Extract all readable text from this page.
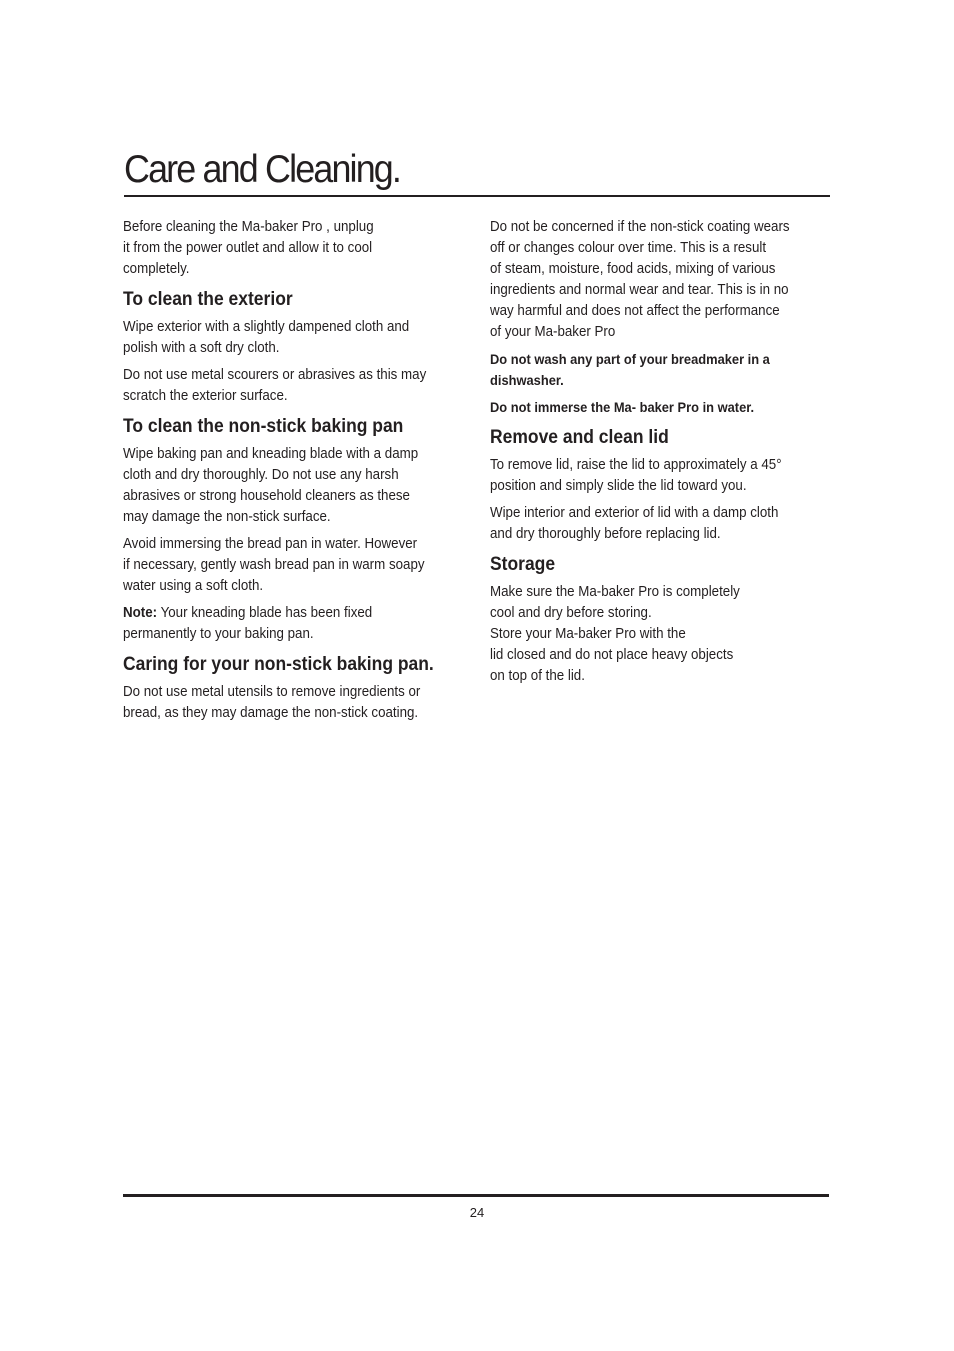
Care and Cleaning.

Before cleaning the Ma-baker Pro , unplug
it from the power outlet and allow it to cool
completely.

To clean the exterior

Wipe exterior with a slightly dampened cloth and
polish with a soft dry cloth.

Do not use metal scourers or abrasives as this may
scratch the exterior surface.

To clean the non-stick baking pan

Wipe baking pan and kneading blade with a damp
cloth and dry thoroughly. Do not use any harsh
abrasives or strong household cleaners as these
may damage the non-stick surface.

Avoid immersing the bread pan in water. However
if necessary, gently wash bread pan in warm soapy
water using a soft cloth.

Note: Your kneading blade has been fixed
permanently to your baking pan.

Caring for your non-stick baking pan.

Do not use metal utensils to remove ingredients or
bread, as they may damage the non-stick coating.

Do not be concerned if the non-stick coating wears
off or changes colour over time. This is a result
of steam, moisture, food acids, mixing of various
ingredients and normal wear and tear. This is in no
way harmful and does not affect the performance
of your Ma-baker Pro

Do not wash any part of your breadmaker in a
dishwasher.

Do not immerse the Ma- baker Pro in water.

Remove and clean lid

To remove lid, raise the lid to approximately a 45°
position and simply slide the lid toward you.

Wipe interior and exterior of lid with a damp cloth
and dry thoroughly before replacing lid.

Storage

Make sure the Ma-baker Pro is completely
cool and dry before storing.
Store your Ma-baker Pro with the
lid closed and do not place heavy objects
on top of the lid.

24
